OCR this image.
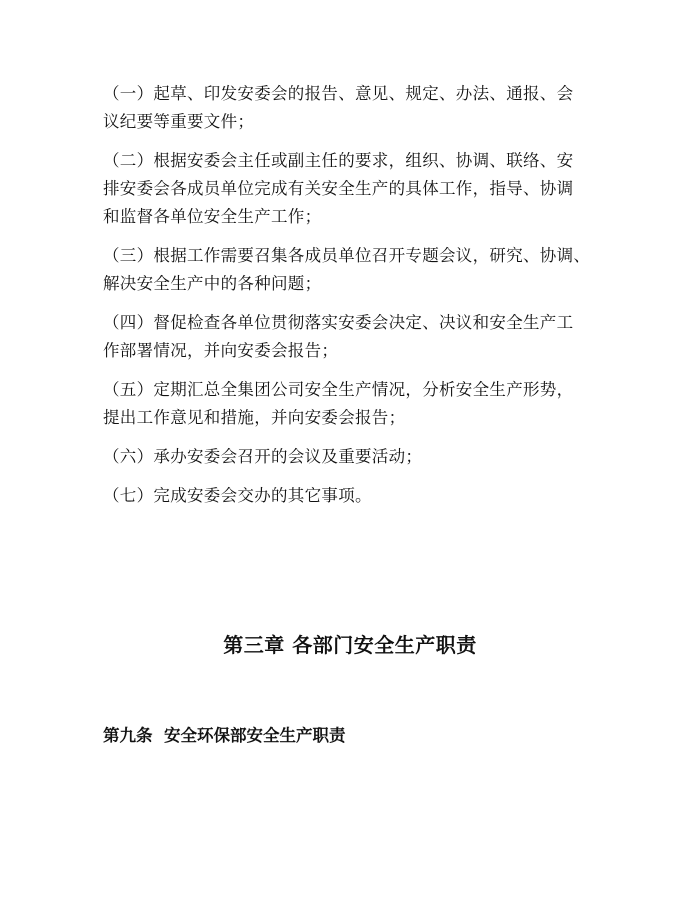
（一）起草、印发安委会的报告、意见、规定、办法、通报、会
议纪要等重要文件；
（二）根据安委会主任或副主任的要求，组织、协调、联络、安
排安委会各成员单位完成有关安全生产的具体工作，指导、协调
和监督各单位安全生产工作；
（三）根据工作需要召集各成员单位召开专题会议，研究、协调、
解决安全生产中的各种问题；
（四）督促检查各单位贯彻落实安委会决定、决议和安全生产工
作部署情况，并向安委会报告；
（五）定期汇总全集团公司安全生产情况，分析安全生产形势，
提出工作意见和措施，并向安委会报告；
（六）承办安委会召开的会议及重要活动；
（七）完成安委会交办的其它事项。
第三章 各部门安全生产职责
第九条  安全环保部安全生产职责
